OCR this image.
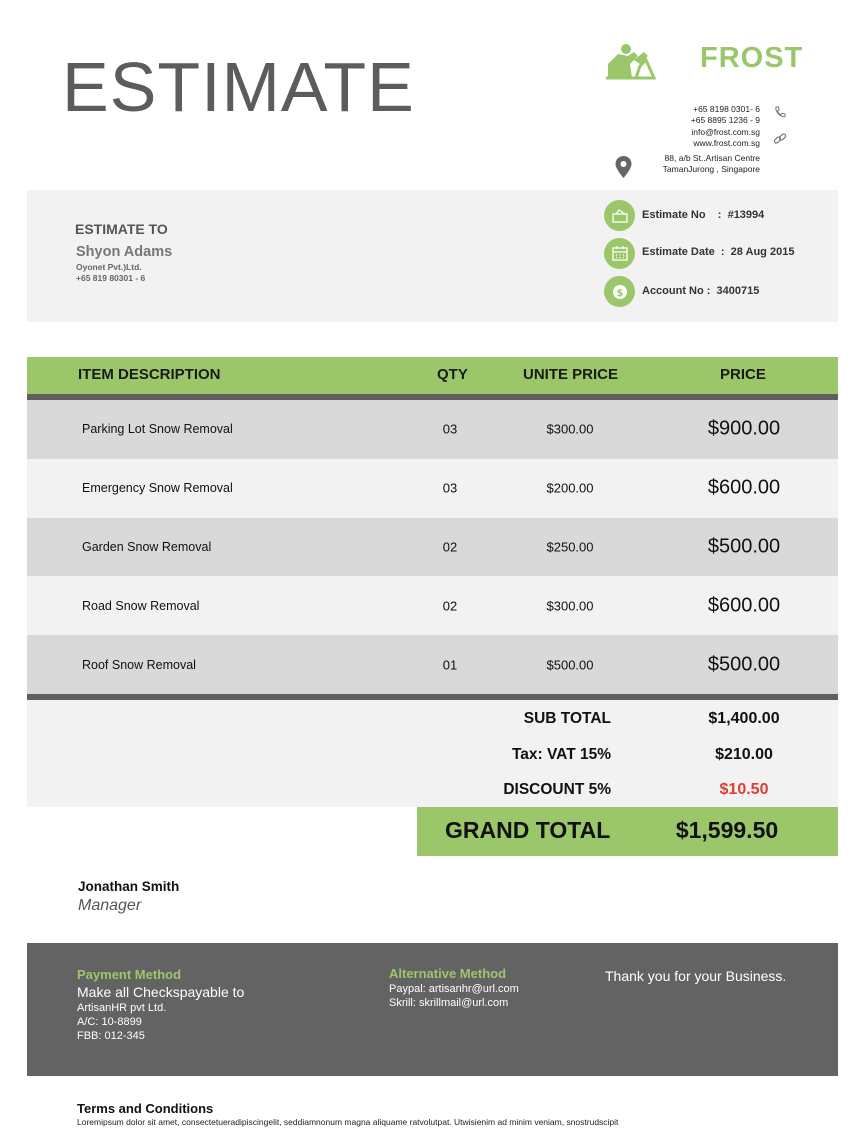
ESTIMATE	FROST
+65 8198 0301- 6
+65 8895 1236 - 9
info@frost.com.sg
www.frost.com.sg
88, a/b St..Artisan Centre
TamanJurong , Singapore
ESTIMATE TO
Shyon Adams
Oyonet Pvt.)Ltd.
+65 819 80301 - 6
Estimate No    :  #13994
Estimate Date  :  28 Aug 2015
$ Account No :  3400715
ITEM DESCRIPTION	QTY	UNITE PRICE	PRICE
Parking Lot Snow Removal	03	$300.00	$900.00
Emergency Snow Removal	03	$200.00	$600.00
Garden Snow Removal	02	$250.00	$500.00
Road Snow Removal	02	$300.00	$600.00
Roof Snow Removal	01	$500.00	$500.00
SUB TOTAL	$1,400.00
Tax: VAT 15%	$210.00
DISCOUNT 5%	$10.50
GRAND TOTAL	$1,599.50
Jonathan Smith
Manager
Payment Method
Make all Checkspayable to
ArtisanHR pvt Ltd.
A/C: 10-8899
FBB: 012-345
Alternative Method
Paypal: artisanhr@url.com
Skrill: skrillmail@url.com
Thank you for your Business.
Terms and Conditions
Loremipsum dolor sit amet, consectetueradipiscingelit, seddiamnonum magna aliquame ratvolutpat. Utwisienim ad minim veniam, snostrudscipit
